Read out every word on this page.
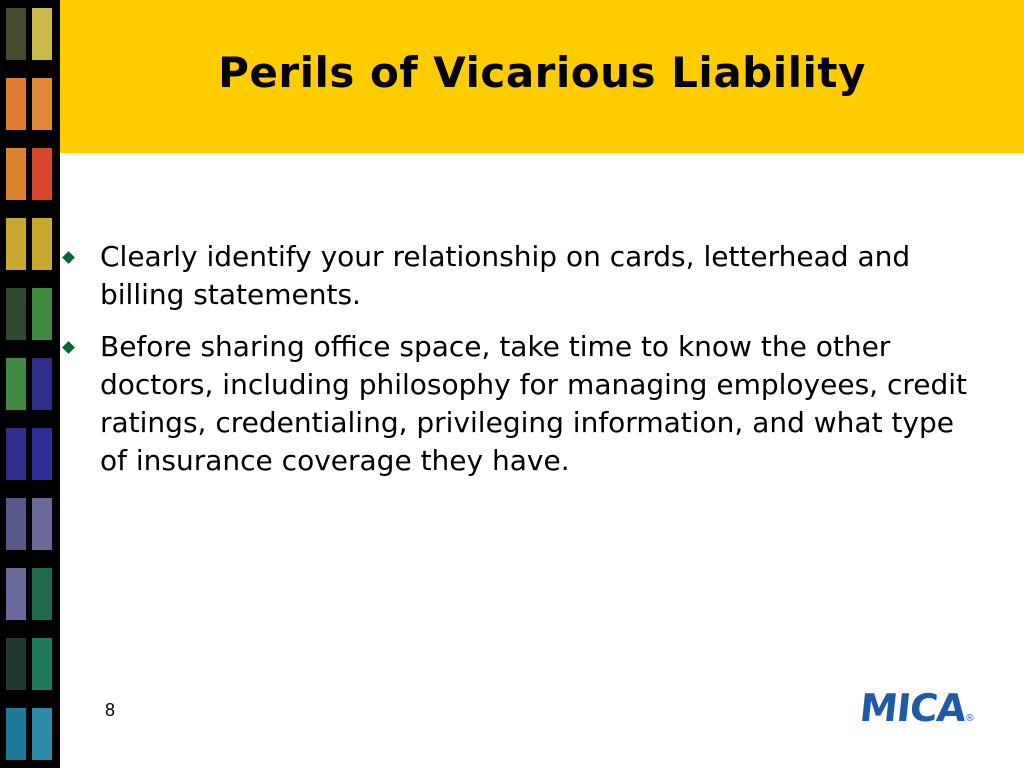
Perils of Vicarious Liability
Clearly identify your relationship on cards, letterhead and billing statements.
Before sharing office space, take time to know the other doctors, including philosophy for managing employees, credit ratings, credentialing, privileging information, and what type of insurance coverage they have.
8	MICA
®
